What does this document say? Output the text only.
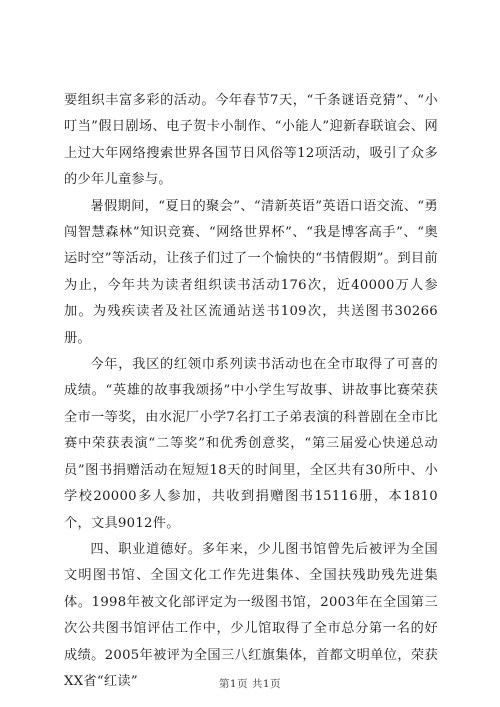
要组织丰富多彩的活动。今年春节7天，“千条谜语竞猜”、“小叮当”假日剧场、电子贺卡小制作、“小能人”迎新春联谊会、网上过大年网络搜索世界各国节日风俗等12项活动，吸引了众多的少年儿童参与。

暑假期间，“夏日的聚会”、“清新英语”英语口语交流、“勇闯智慧森林”知识竞赛、“网络世界杯”、“我是博客高手”、“奥运时空”等活动，让孩子们过了一个愉快的“书情假期”。到目前为止，今年共为读者组织读书活动176次，近40000万人参加。为残疾读者及社区流通站送书109次，共送图书30266册。

今年，我区的红领巾系列读书活动也在全市取得了可喜的成绩。“英雄的故事我颂扬”中小学生写故事、讲故事比赛荣获全市一等奖，由水泥厂小学7名打工子弟表演的科普剧在全市比赛中荣获表演“二等奖”和优秀创意奖，“第三届爱心快递总动员”图书捐赠活动在短短18天的时间里，全区共有30所中、小学校20000多人参加，共收到捐赠图书15116册，本1810个，文具9012件。

四、职业道德好。多年来，少儿图书馆曾先后被评为全国文明图书馆、全国文化工作先进集体、全国扶残助残先进集体。1998年被文化部评定为一级图书馆，2003年在全国第三次公共图书馆评估工作中，少儿馆取得了全市总分第一名的好成绩。2005年被评为全国三八红旗集体，首都文明单位，荣获XX省“红读”	第1页 共1页
